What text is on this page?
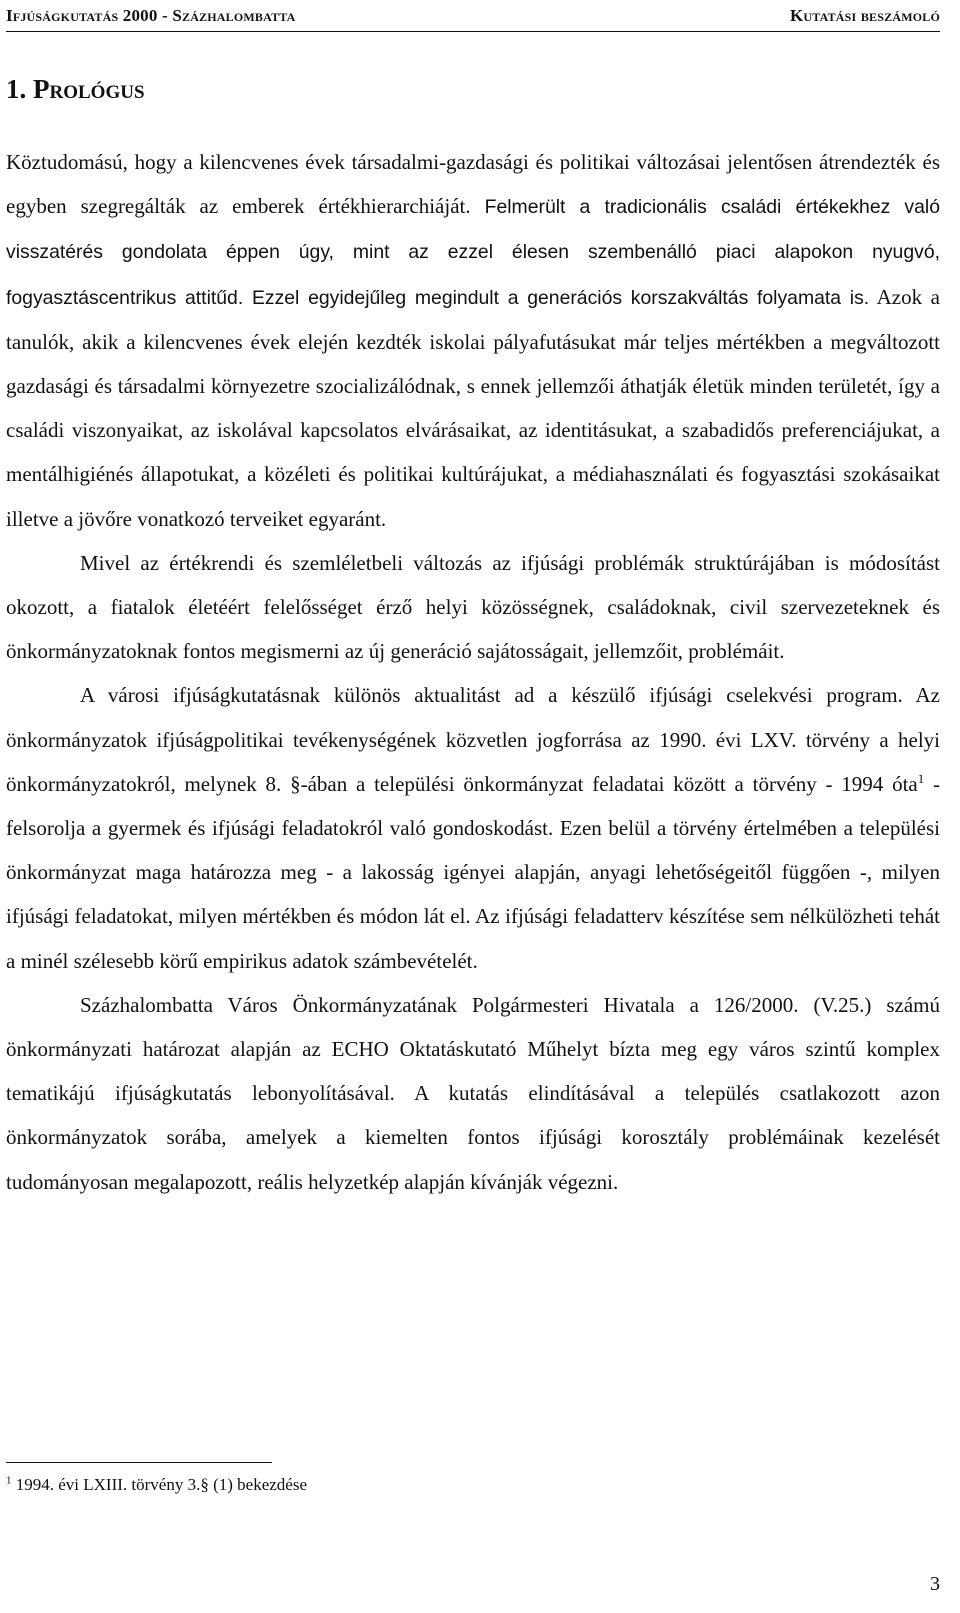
Ifjúságkutatás 2000 - Százhalombatta	Kutatási beszámoló
1. Prológus

Köztudomású, hogy a kilencvenes évek társadalmi-gazdasági és politikai változásai jelentősen átrendezték és egyben szegregálták az emberek értékhierarchiáját. Felmerült a tradicionális családi értékekhez való visszatérés gondolata éppen úgy, mint az ezzel élesen szembenálló piaci alapokon nyugvó, fogyasztáscentrikus attitűd. Ezzel egyidejűleg megindult a generációs korszakváltás folyamata is. Azok a tanulók, akik a kilencvenes évek elején kezdték iskolai pályafutásukat már teljes mértékben a megváltozott gazdasági és társadalmi környezetre szocializálódnak, s ennek jellemzői áthatják életük minden területét, így a családi viszonyaikat, az iskolával kapcsolatos elvárásaikat, az identitásukat, a szabadidős preferenciájukat, a mentálhigiénés állapotukat, a közéleti és politikai kultúrájukat, a médiahasználati és fogyasztási szokásaikat illetve a jövőre vonatkozó terveiket egyaránt.

Mivel az értékrendi és szemléletbeli változás az ifjúsági problémák struktúrájában is módosítást okozott, a fiatalok életéért felelősséget érző helyi közösségnek, családoknak, civil szervezeteknek és önkormányzatoknak fontos megismerni az új generáció sajátosságait, jellemzőit, problémáit.

A városi ifjúságkutatásnak különös aktualitást ad a készülő ifjúsági cselekvési program. Az önkormányzatok ifjúságpolitikai tevékenységének közvetlen jogforrása az 1990. évi LXV. törvény a helyi önkormányzatokról, melynek 8. §-ában a települési önkormányzat feladatai között a törvény - 1994 óta$^1$ - felsorolja a gyermek és ifjúsági feladatokról való gondoskodást. Ezen belül a törvény értelmében a települési önkormányzat maga határozza meg - a lakosság igényei alapján, anyagi lehetőségeitől függően -, milyen ifjúsági feladatokat, milyen mértékben és módon lát el. Az ifjúsági feladatterv készítése sem nélkülözheti tehát a minél szélesebb körű empirikus adatok számbevételét.

Százhalombatta Város Önkormányzatának Polgármesteri Hivatala a 126/2000. (V.25.) számú önkormányzati határozat alapján az ECHO Oktatáskutató Műhelyt bízta meg egy város szintű komplex tematikájú ifjúságkutatás lebonyolításával. A kutatás elindításával a település csatlakozott azon önkormányzatok sorába, amelyek a kiemelten fontos ifjúsági korosztály problémáinak kezelését tudományosan megalapozott, reális helyzetkép alapján kívánják végezni.

$^1$ 1994. évi LXIII. törvény 3.§ (1) bekezdése
3
